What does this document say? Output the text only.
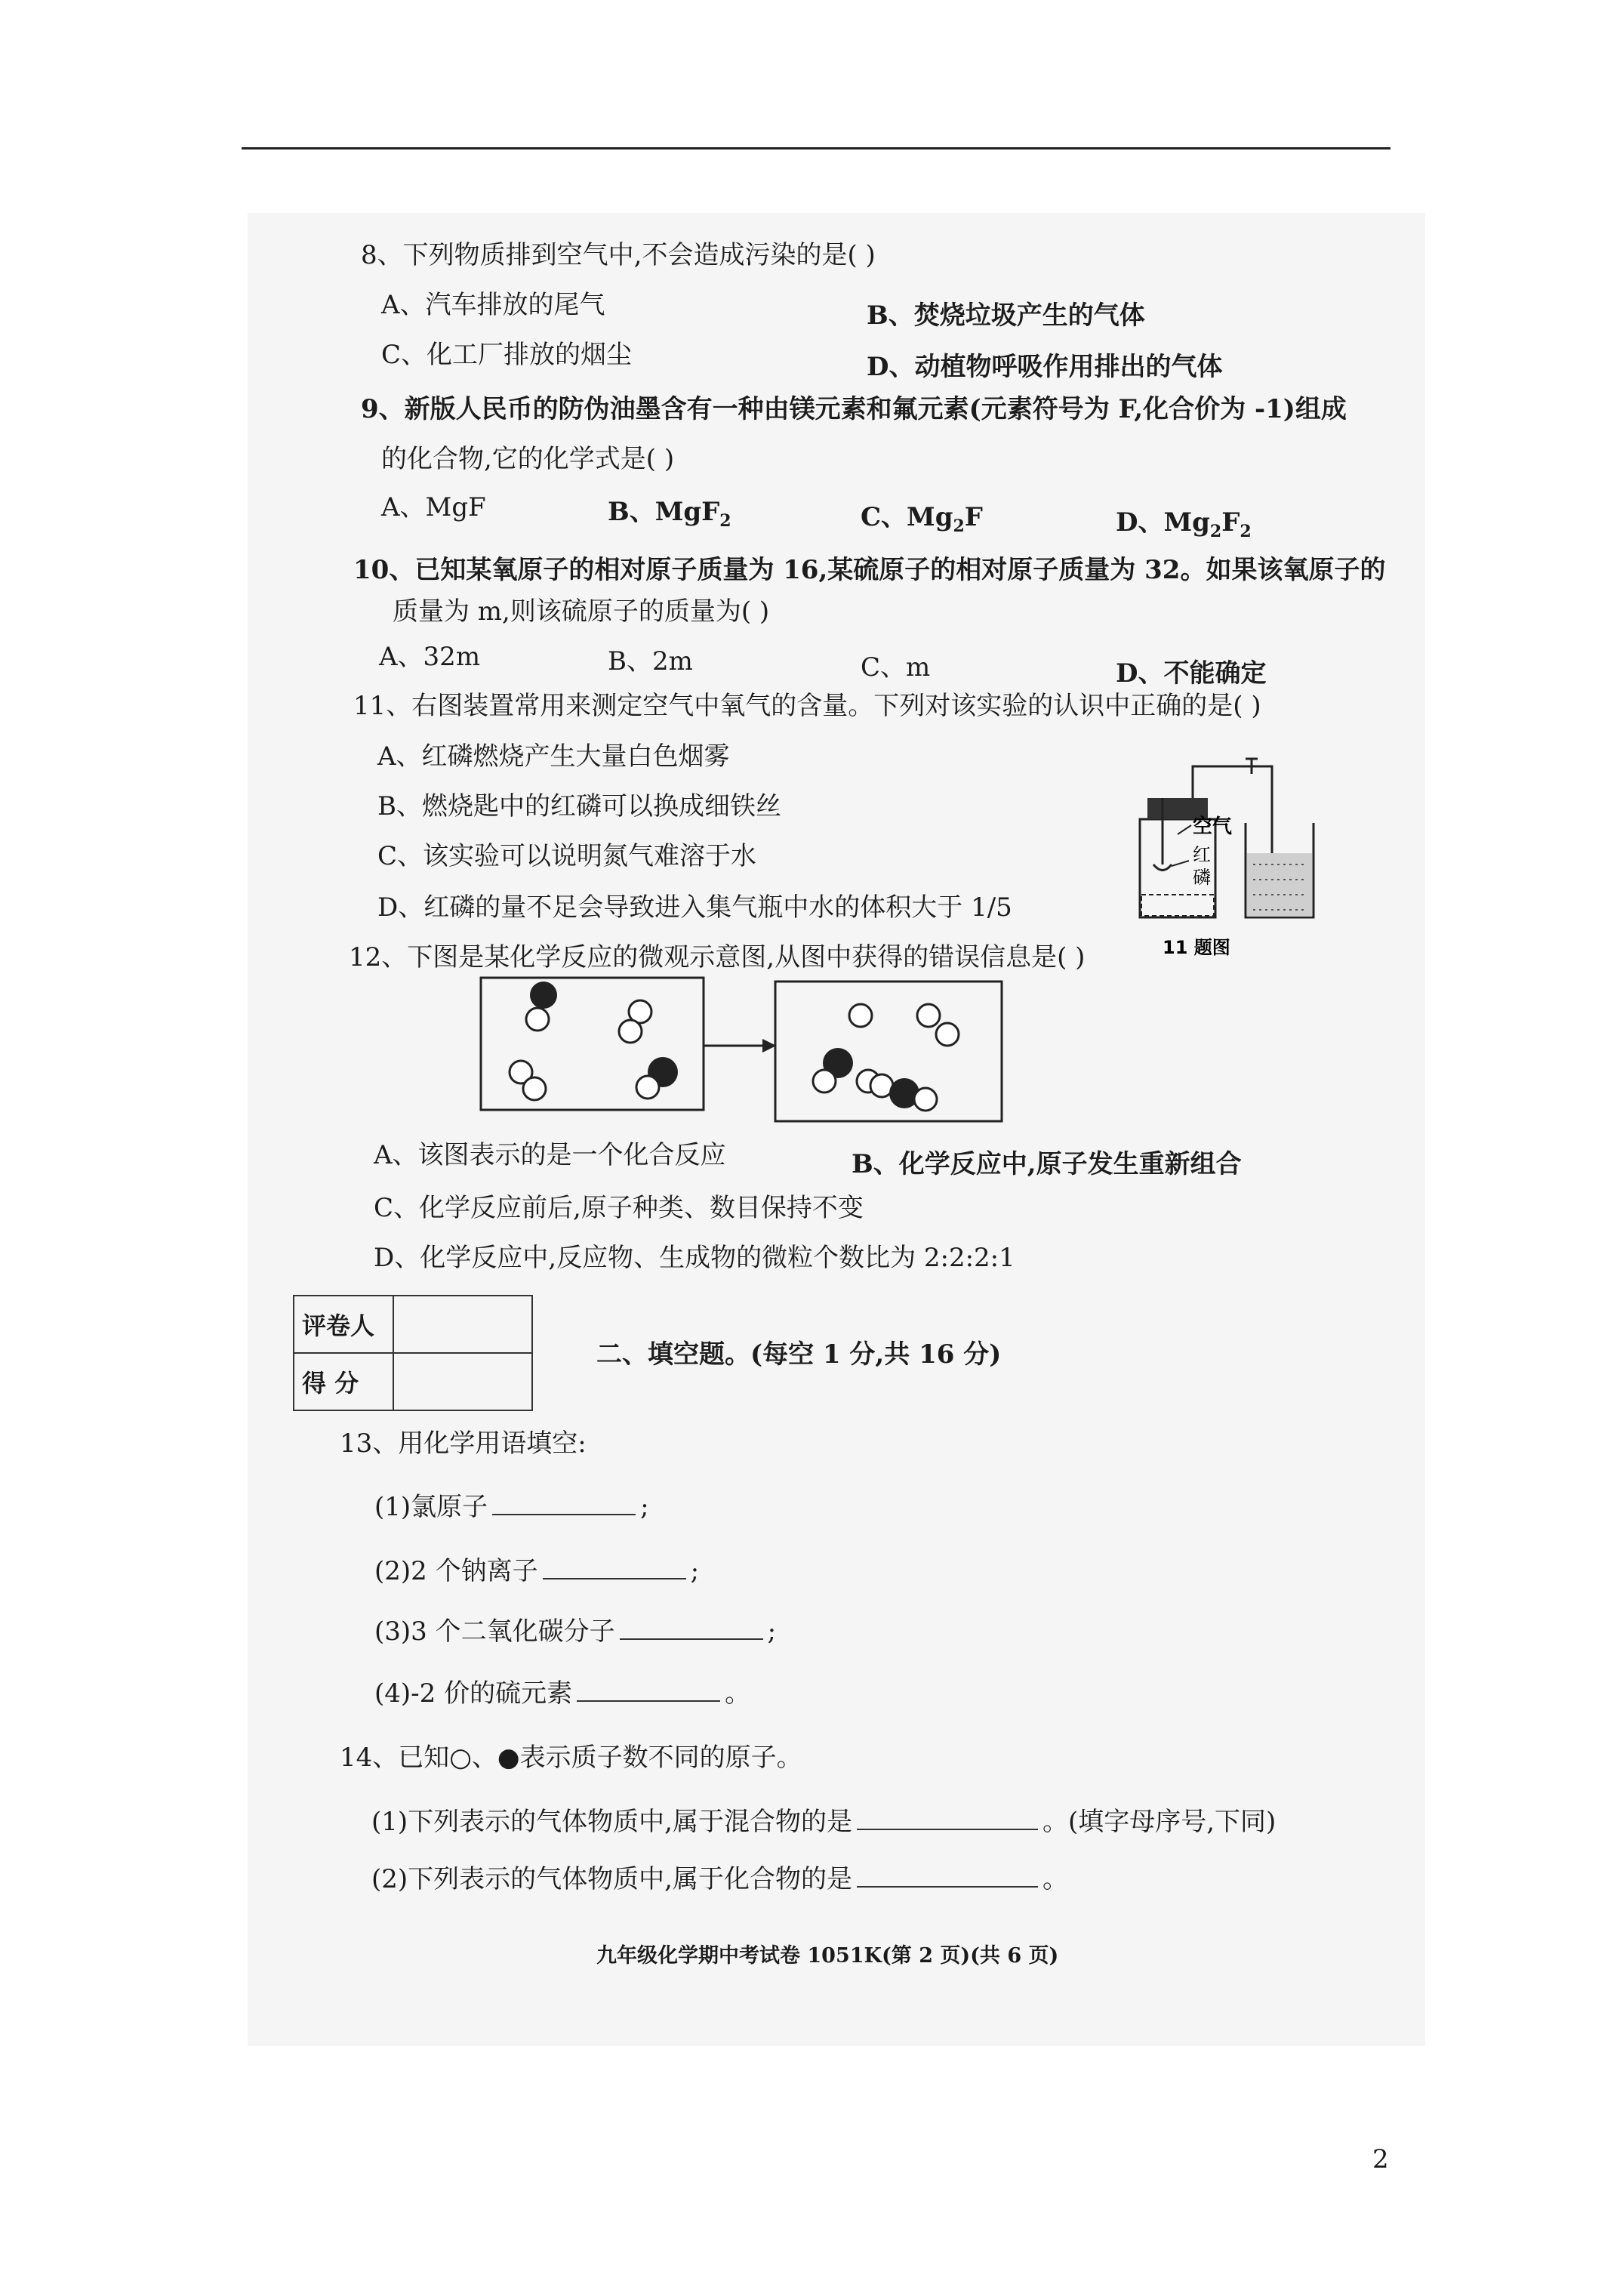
8、下列物质排到空气中,不会造成污染的是( )
A、汽车排放的尾气	B、焚烧垃圾产生的气体
C、化工厂排放的烟尘	D、动植物呼吸作用排出的气体
9、新版人民币的防伪油墨含有一种由镁元素和氟元素(元素符号为 F,化合价为 -1)组成
的化合物,它的化学式是( )
A、MgF	B、MgF$_2$	C、$Mg_2F$	D、$Mg_2F_2$
10、已知某氧原子的相对原子质量为 16,某硫原子的相对原子质量为 32。如果该氧原子的
质量为 m,则该硫原子的质量为( )
A、32m	B、2m	C、m	D、不能确定
11、右图装置常用来测定空气中氧气的含量。下列对该实验的认识中正确的是( )
A、红磷燃烧产生大量白色烟雾
B、燃烧匙中的红磷可以换成细铁丝
C、该实验可以说明氮气难溶于水
D、红磷的量不足会导致进入集气瓶中水的体积大于 1/5
空气
红
磷
11 题图
12、下图是某化学反应的微观示意图,从图中获得的错误信息是( )
A、该图表示的是一个化合反应	B、化学反应中,原子发生重新组合
C、化学反应前后,原子种类、数目保持不变
D、化学反应中,反应物、生成物的微粒个数比为 2:2:2:1
评卷人	
得 分	
二、填空题。(每空 1 分,共 16 分)
13、用化学用语填空:
(1)氯原子	;
(2)2 个钠离子	;
(3)3 个二氧化碳分子	;
(4)-2 价的硫元素	。
14、已知○、●表示质子数不同的原子。
(1)下列表示的气体物质中,属于混合物的是	。(填字母序号,下同)
(2)下列表示的气体物质中,属于化合物的是	。
九年级化学期中考试卷 1051K(第 2 页)(共 6 页)
2
